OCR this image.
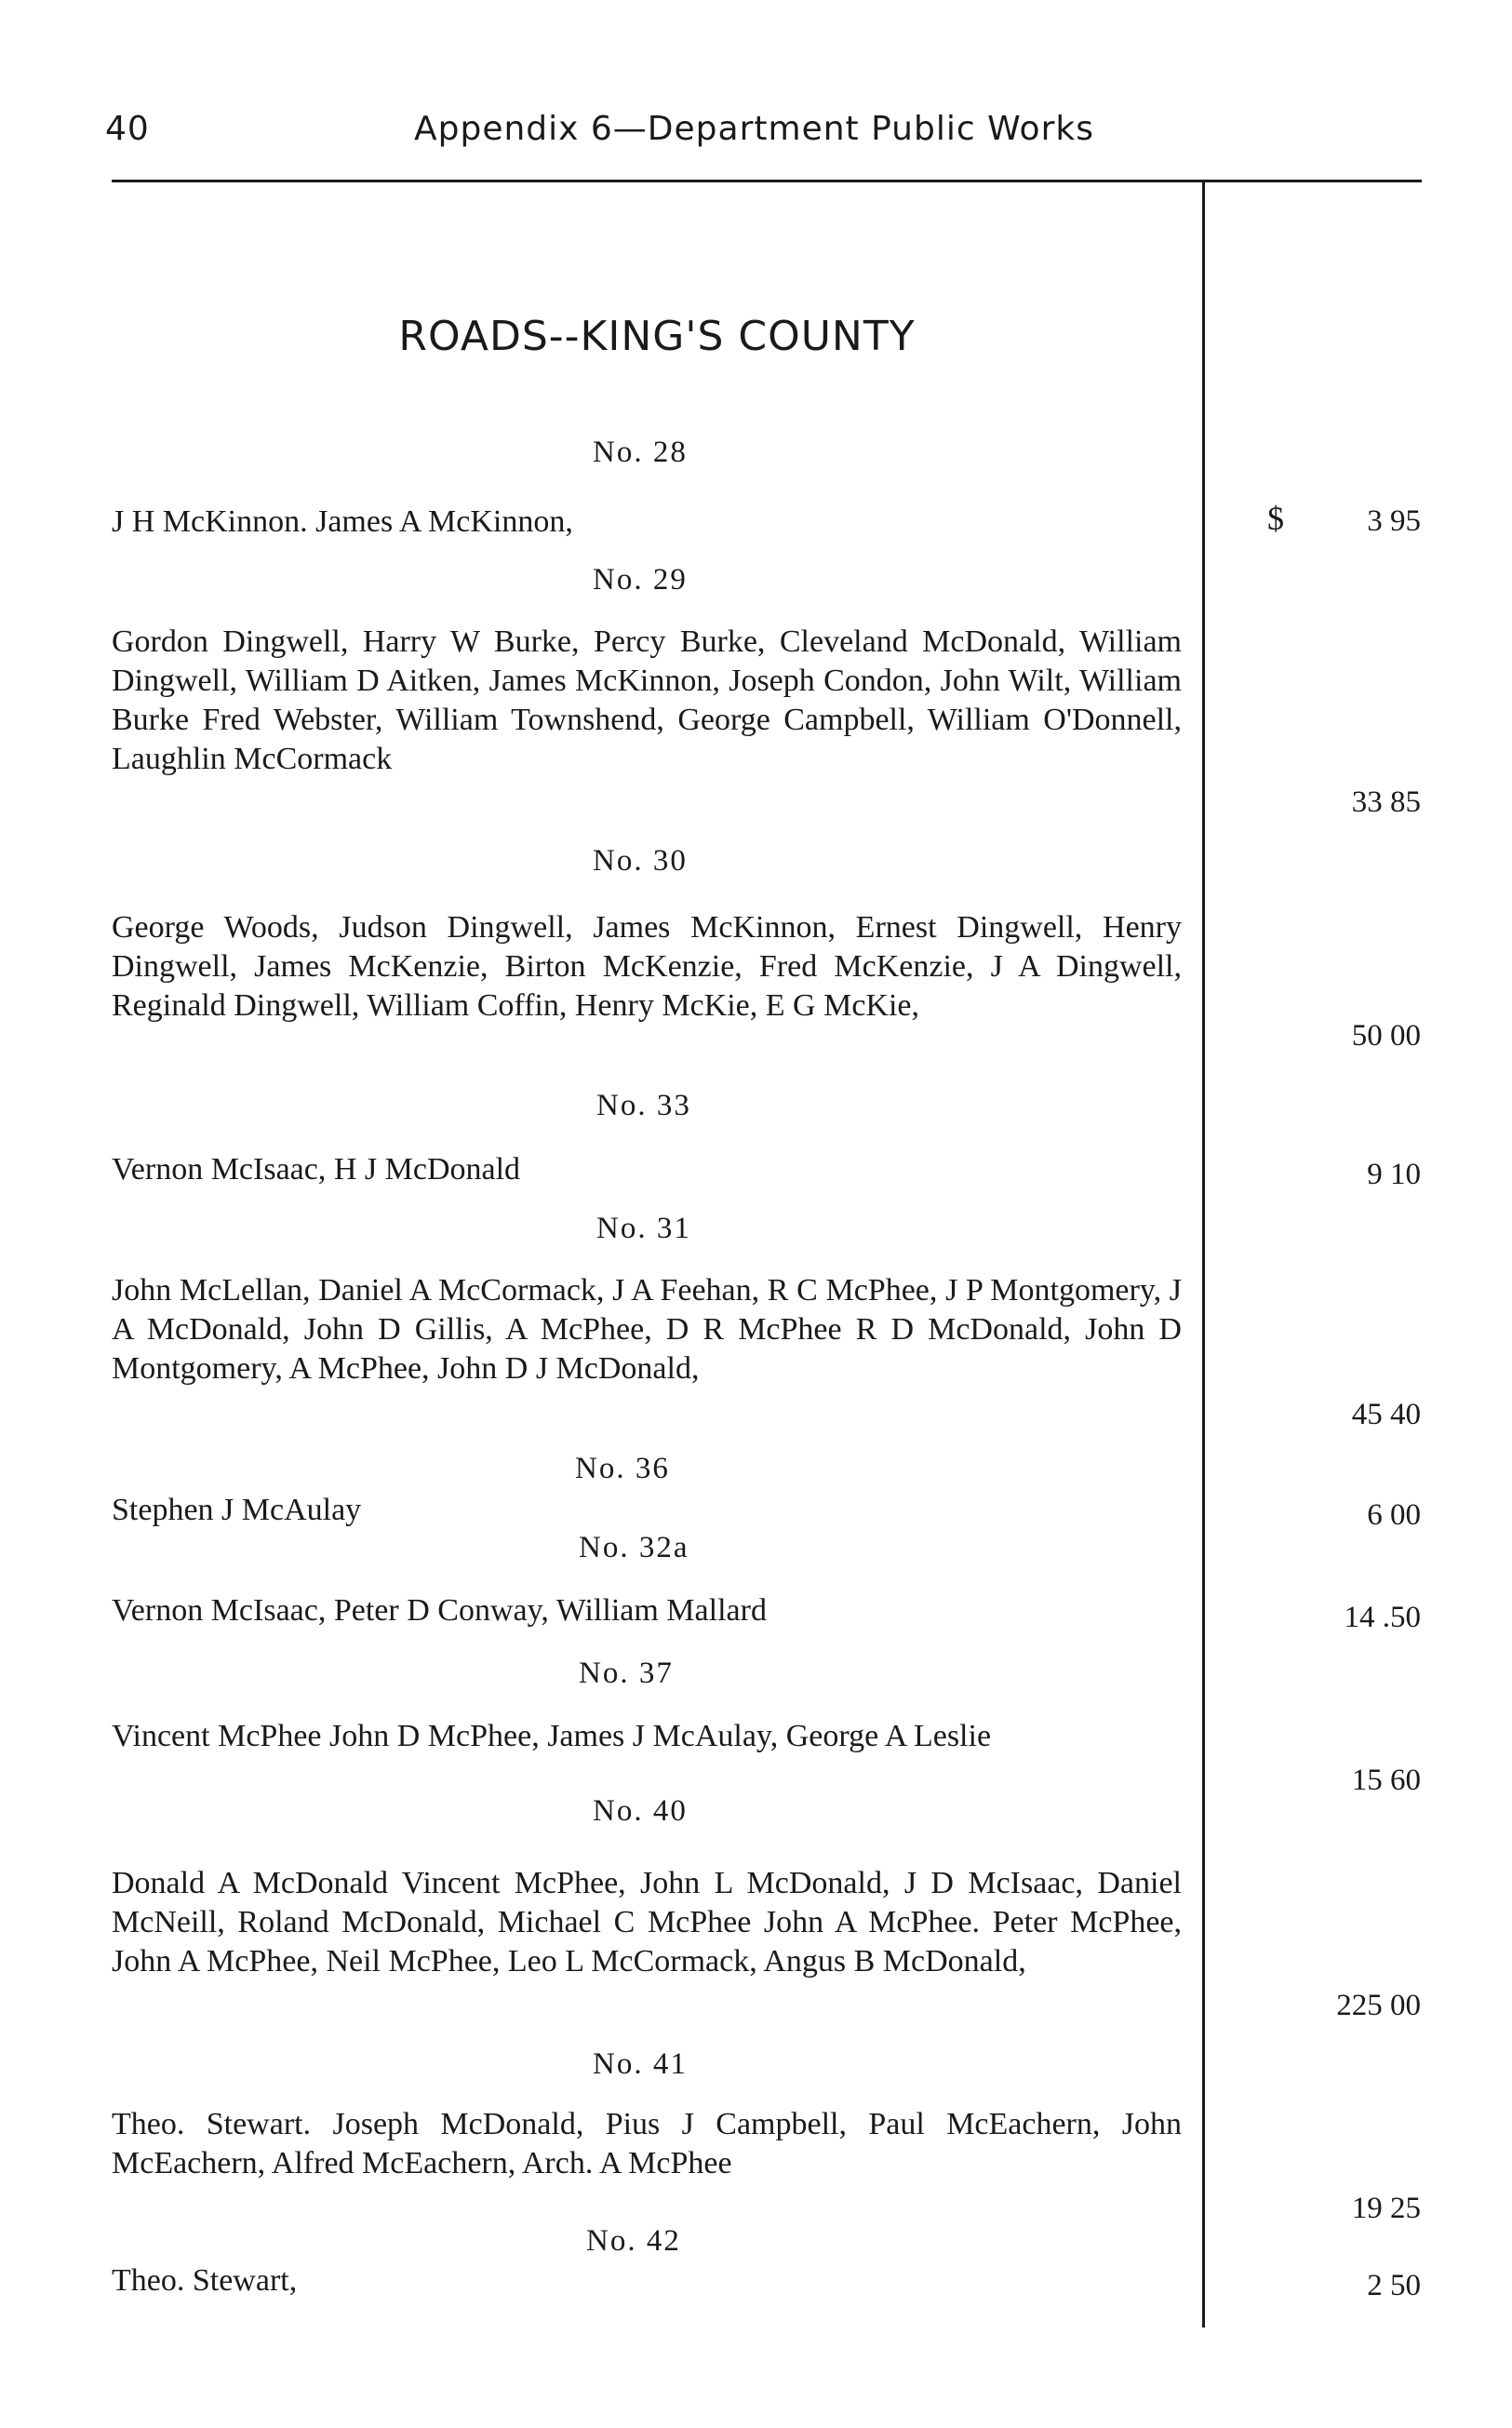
40	Appendix 6—Department Public Works
ROADS--KING'S COUNTY
$
No. 28
J H McKinnon. James A McKinnon,	3 95
No. 29
Gordon Dingwell, Harry W Burke, Percy Burke, Cleveland McDonald, William Dingwell, William D Aitken, James McKinnon, Joseph Condon, John Wilt, William Burke Fred Webster, William Townshend, George Campbell, William O'Donnell, Laughlin McCormack
33 85
No. 30
George Woods, Judson Dingwell, James McKinnon, Ernest Dingwell, Henry Dingwell, James McKenzie, Birton McKenzie, Fred McKenzie, J A Dingwell, Reginald Dingwell, William Coffin, Henry McKie, E G McKie,
50 00
No. 33
Vernon McIsaac, H J McDonald	9 10
No. 31
John McLellan, Daniel A McCormack, J A Feehan, R C McPhee, J P Montgomery, J A McDonald, John D Gillis, A McPhee, D R McPhee R D McDonald, John D Montgomery, A McPhee, John D J McDonald,
45 40
No. 36
Stephen J McAulay	6 00
No. 32a
Vernon McIsaac, Peter D Conway, William Mallard	14 .50
No. 37
Vincent McPhee John D McPhee, James J McAulay, George A Leslie
15 60
No. 40
Donald A McDonald Vincent McPhee, John L McDonald, J D McIsaac, Daniel McNeill, Roland McDonald, Michael C McPhee John A McPhee. Peter McPhee, John A McPhee, Neil McPhee, Leo L McCormack, Angus B McDonald,
225 00
No. 41
Theo. Stewart. Joseph McDonald, Pius J Campbell, Paul McEachern, John McEachern, Alfred McEachern, Arch. A McPhee
19 25
No. 42
Theo. Stewart,	2 50
